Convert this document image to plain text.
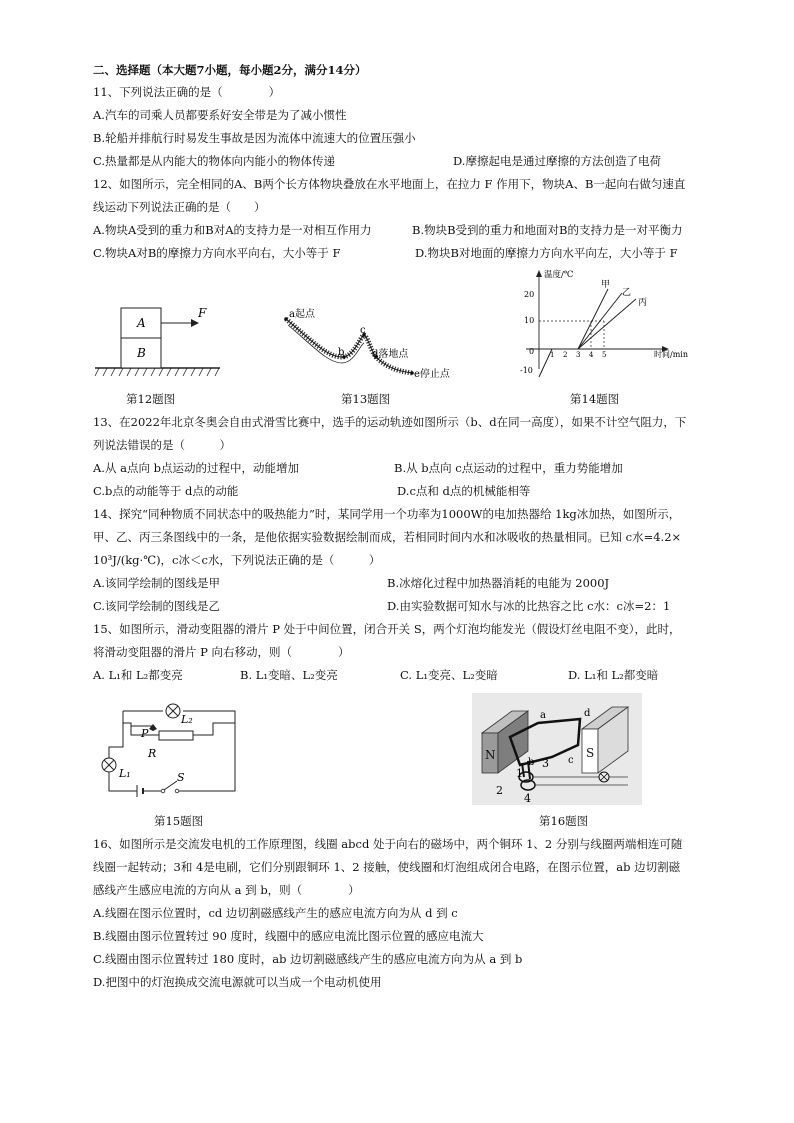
二、选择题（本大题7小题，每小题2分，满分14分）
11、下列说法正确的是（　　　　）
A.汽车的司乘人员都要系好安全带是为了减小惯性
B.轮船并排航行时易发生事故是因为流体中流速大的位置压强小
C.热量都是从内能大的物体向内能小的物体传递	D.摩擦起电是通过摩擦的方法创造了电荷
12、如图所示，完全相同的A、B两个长方体物块叠放在水平地面上，在拉力 F 作用下，物块A、B一起向右做匀速直
线运动下列说法正确的是（　　）
A.物块A受到的重力和B对A的支持力是一对相互作用力	B.物块B受到的重力和地面对B的支持力是一对平衡力
C.物块A对B的摩擦力方向水平向右，大小等于 F	D.物块B对地面的摩擦力方向水平向左，大小等于 F
A
B
F
第12题图
a起点
b
c
d落地点
e停止点
第13题图
温度/℃
时间/min
20
10
0
-10
1 2 3 4 5
甲
乙
丙
第14题图
13、在2022年北京冬奥会自由式滑雪比赛中，选手的运动轨迹如图所示（b、d在同一高度），如果不计空气阻力，下
列说法错误的是（　　　）
A.从 a点向 b点运动的过程中，动能增加	B.从 b点向 c点运动的过程中，重力势能增加
C.b点的动能等于 d点的动能	D.c点和 d点的机械能相等
14、探究“同种物质不同状态中的吸热能力”时，某同学用一个功率为1000W的电加热器给 1kg冰加热，如图所示，
甲、乙、丙三条图线中的一条，是他依据实验数据绘制而成，若相同时间内水和冰吸收的热量相同。已知 c水=4.2×
10³J/(kg·℃)，c冰＜c水，下列说法正确的是（　　　）
A.该同学绘制的图线是甲	B.冰熔化过程中加热器消耗的电能为 2000J
C.该同学绘制的图线是乙	D.由实验数据可知水与冰的比热容之比 c水：c冰=2：1
15、如图所示，滑动变阻器的滑片 P 处于中间位置，闭合开关 S，两个灯泡均能发光（假设灯丝电阻不变），此时，
将滑动变阻器的滑片 P 向右移动，则（　　　　）
A. L₁和 L₂都变亮	B. L₁变暗、L₂变亮	C. L₁变亮、L₂变暗	D. L₁和 L₂都变暗
L₂
P
R
L₁	S
第15题图
N	S
a	d
b	c
1
2
3
4
第16题图
16、如图所示是交流发电机的工作原理图，线圈 abcd 处于向右的磁场中，两个铜环 1、2 分别与线圈两端相连可随
线圈一起转动；3和 4是电刷，它们分别跟铜环 1、2 接触，使线圈和灯泡组成闭合电路，在图示位置，ab 边切割磁
感线产生感应电流的方向从 a 到 b，则（　　　　）
A.线圈在图示位置时，cd 边切割磁感线产生的感应电流方向为从 d 到 c
B.线圈由图示位置转过 90 度时，线圈中的感应电流比图示位置的感应电流大
C.线圈由图示位置转过 180 度时，ab 边切割磁感线产生的感应电流方向为从 a 到 b
D.把图中的灯泡换成交流电源就可以当成一个电动机使用
